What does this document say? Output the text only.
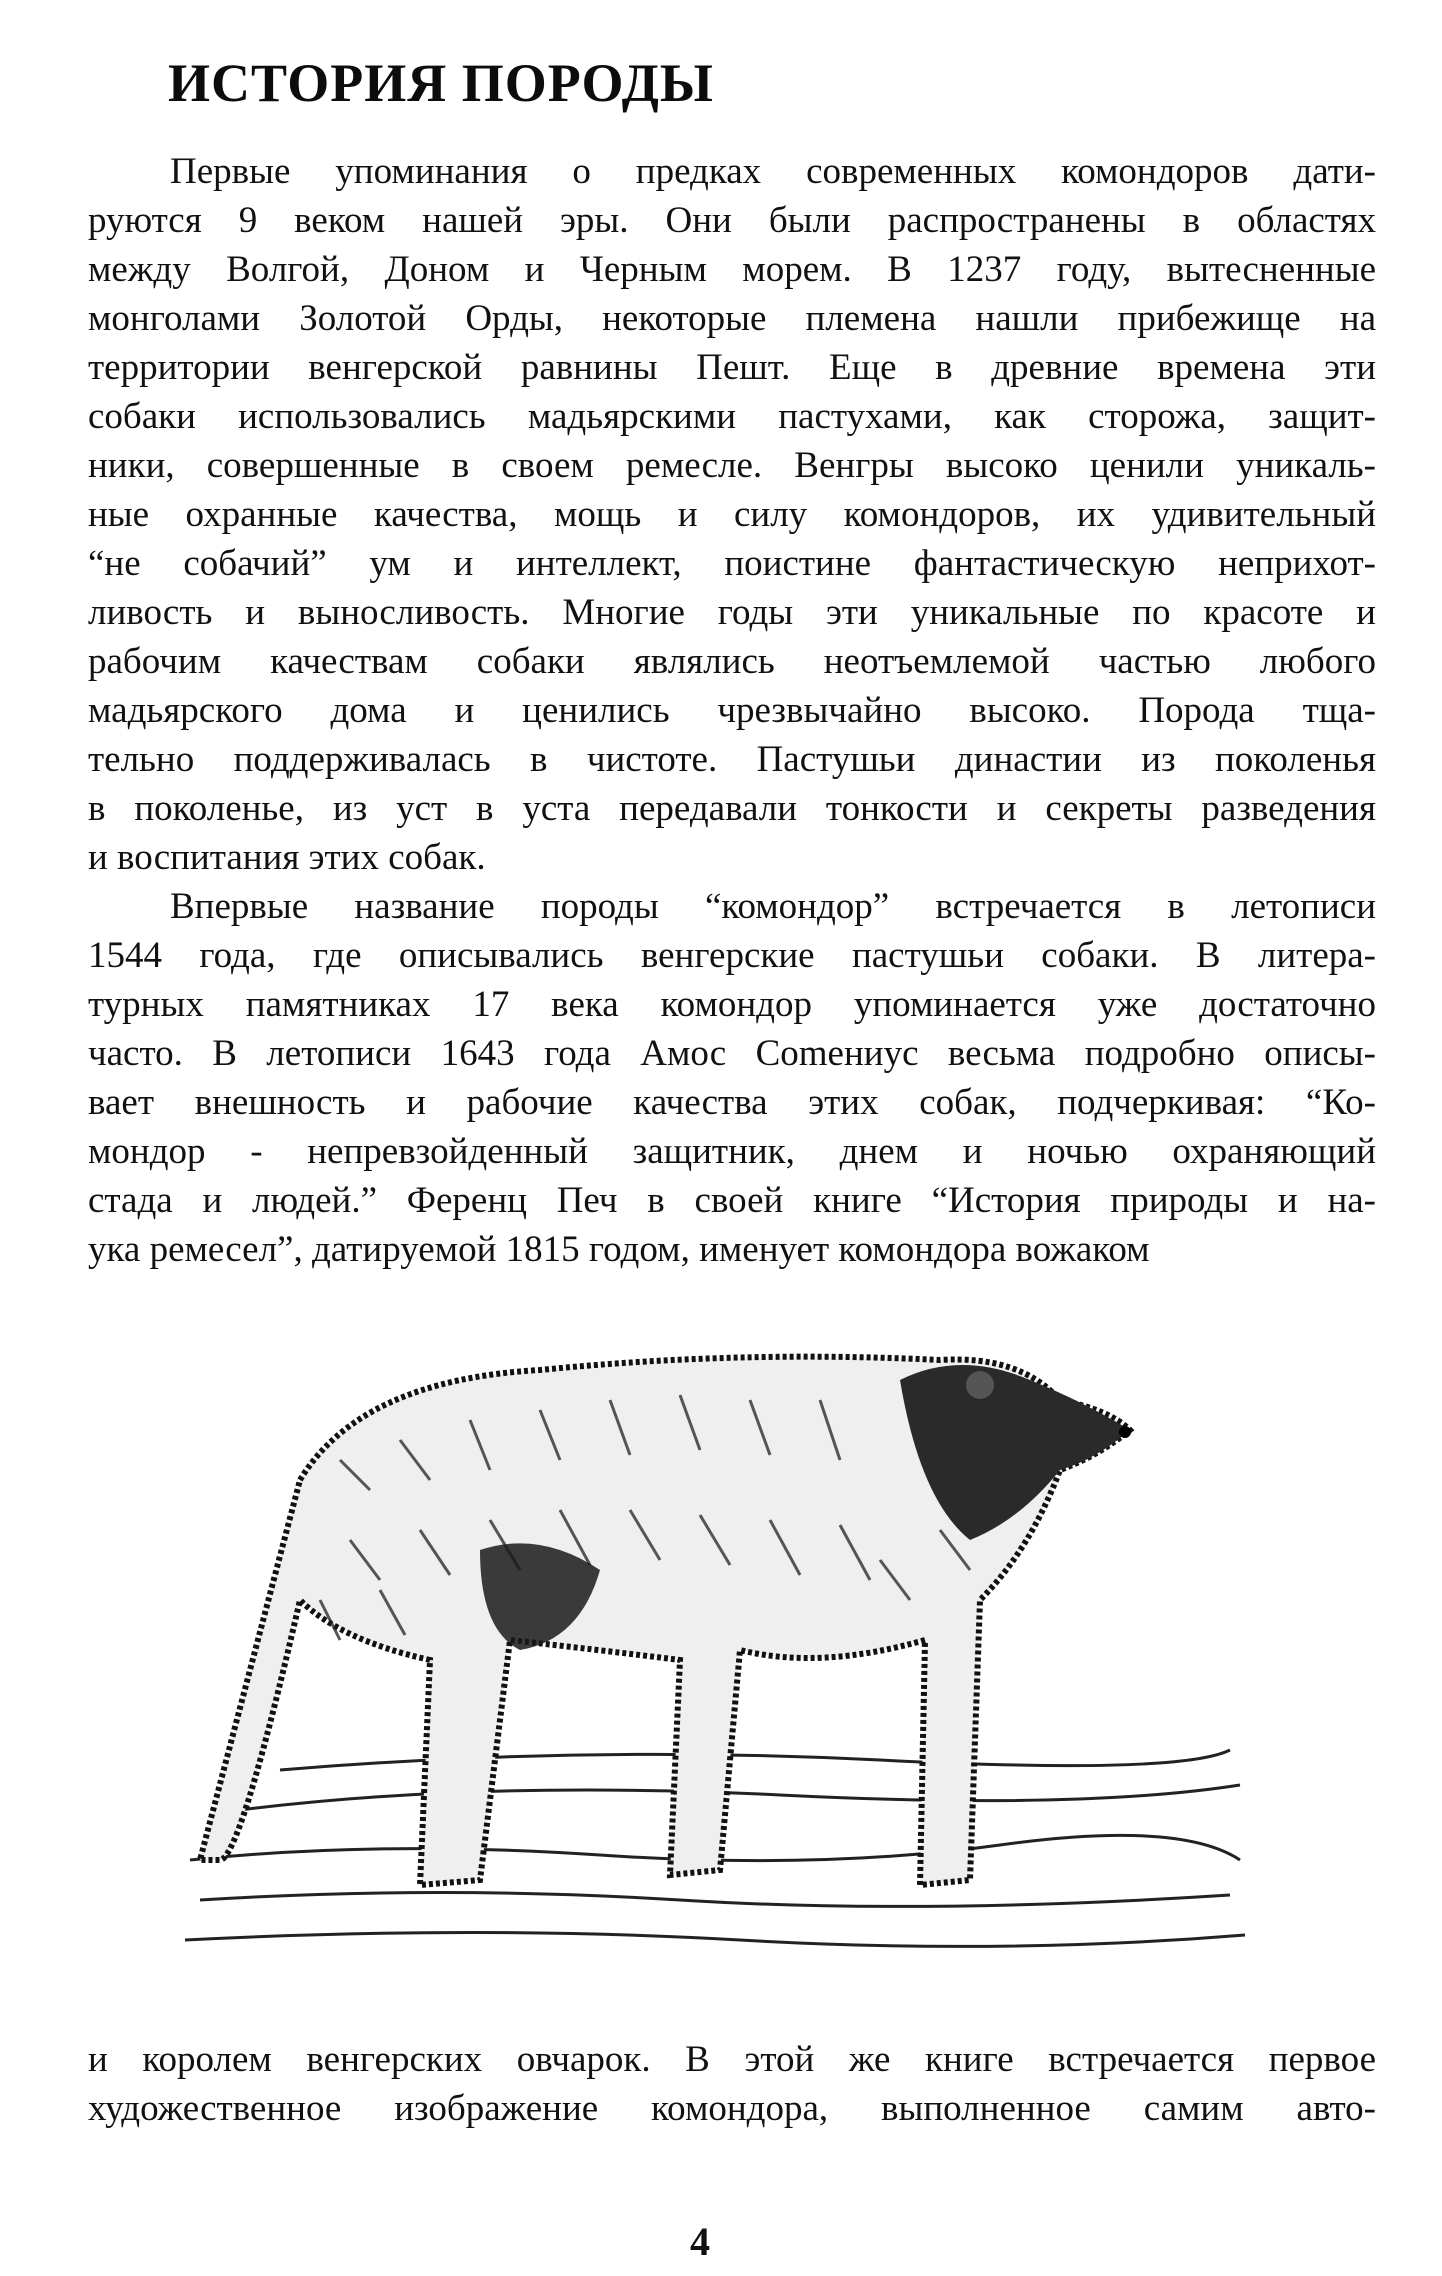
ИСТОРИЯ ПОРОДЫ
Первые упоминания о предках современных комондоров дати-
руются 9 веком нашей эры. Они были распространены в областях
между Волгой, Доном и Черным морем. В 1237 году, вытесненные
монголами Золотой Орды, некоторые племена нашли прибежище на
территории венгерской равнины Пешт. Еще в древние времена эти
собаки использовались мадьярскими пастухами, как сторожа, защит-
ники, совершенные в своем ремесле. Венгры высоко ценили уникаль-
ные охранные качества, мощь и силу комондоров, их удивительный
“не собачий” ум и интеллект, поистине фантастическую неприхот-
ливость и выносливость. Многие годы эти уникальные по красоте и
рабочим качествам собаки являлись неотъемлемой частью любого
мадьярского дома и ценились чрезвычайно высоко. Порода тща-
тельно поддерживалась в чистоте. Пастушьи династии из поколенья
в поколенье, из уст в уста передавали тонкости и секреты разведения
и воспитания этих собак.
Впервые название породы “комондор” встречается в летописи
1544 года, где описывались венгерские пастушьи собаки. В литера-
турных памятниках 17 века комондор упоминается уже достаточно
часто. В летописи 1643 года Амос Comeниус весьма подробно описы-
вает внешность и рабочие качества этих собак, подчеркивая: “Ко-
мондор - непревзойденный защитник, днем и ночью охраняющий
стада и людей.” Ференц Печ в своей книге “История природы и на-
ука ремесел”, датируемой 1815 годом, именует комондора вожаком
и королем венгерских овчарок. В этой же книге встречается первое
художественное изображение комондора, выполненное самим авто-
4
